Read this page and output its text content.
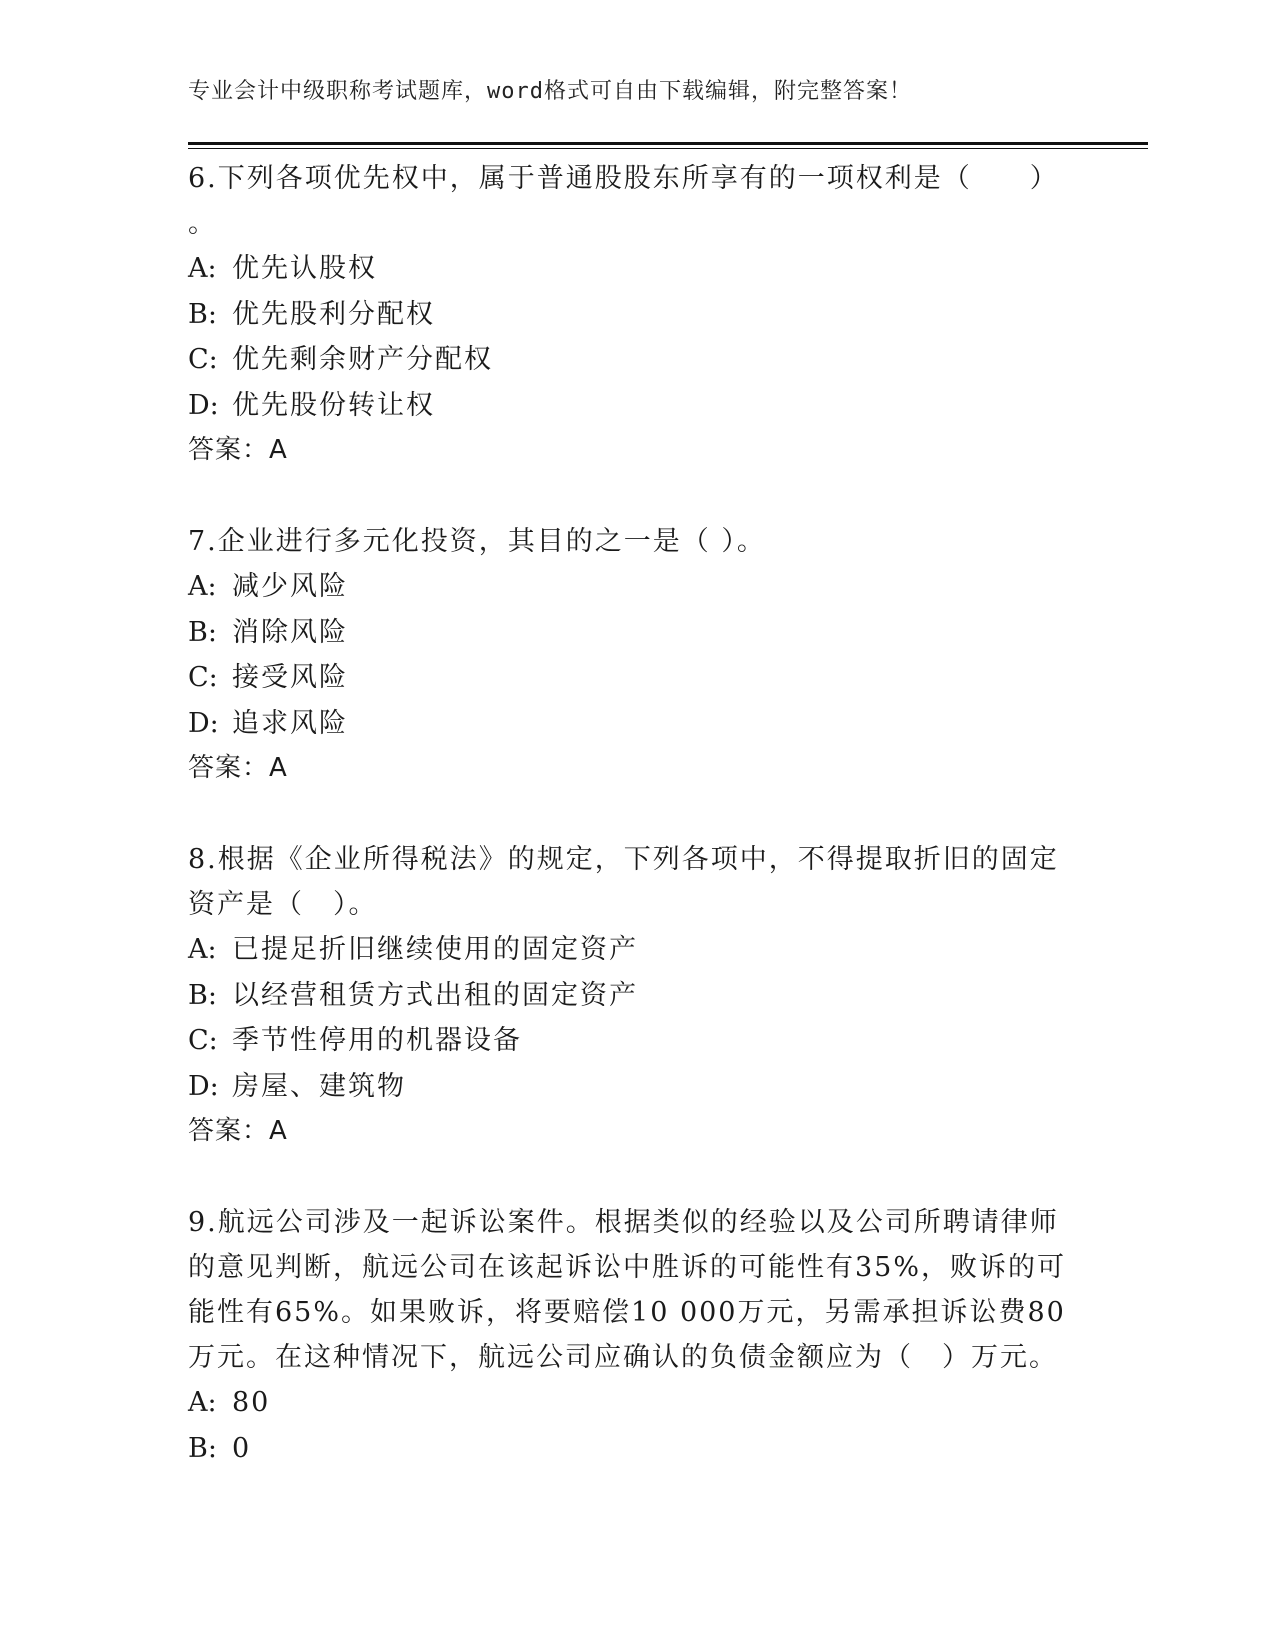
专业会计中级职称考试题库，word格式可自由下载编辑，附完整答案！

6.下列各项优先权中，属于普通股股东所享有的一项权利是（　　）

。

A: 优先认股权

B: 优先股利分配权

C: 优先剩余财产分配权

D: 优先股份转让权

答案：A

7.企业进行多元化投资，其目的之一是（ ）。

A: 减少风险

B: 消除风险

C: 接受风险

D: 追求风险

答案：A

8.根据《企业所得税法》的规定，下列各项中，不得提取折旧的固定

资产是（　）。

A: 已提足折旧继续使用的固定资产

B: 以经营租赁方式出租的固定资产

C: 季节性停用的机器设备

D: 房屋、建筑物

答案：A

9.航远公司涉及一起诉讼案件。根据类似的经验以及公司所聘请律师

的意见判断，航远公司在该起诉讼中胜诉的可能性有35%，败诉的可

能性有65%。如果败诉，将要赔偿10 000万元，另需承担诉讼费80

万元。在这种情况下，航远公司应确认的负债金额应为（　）万元。

A: 80

B: 0
